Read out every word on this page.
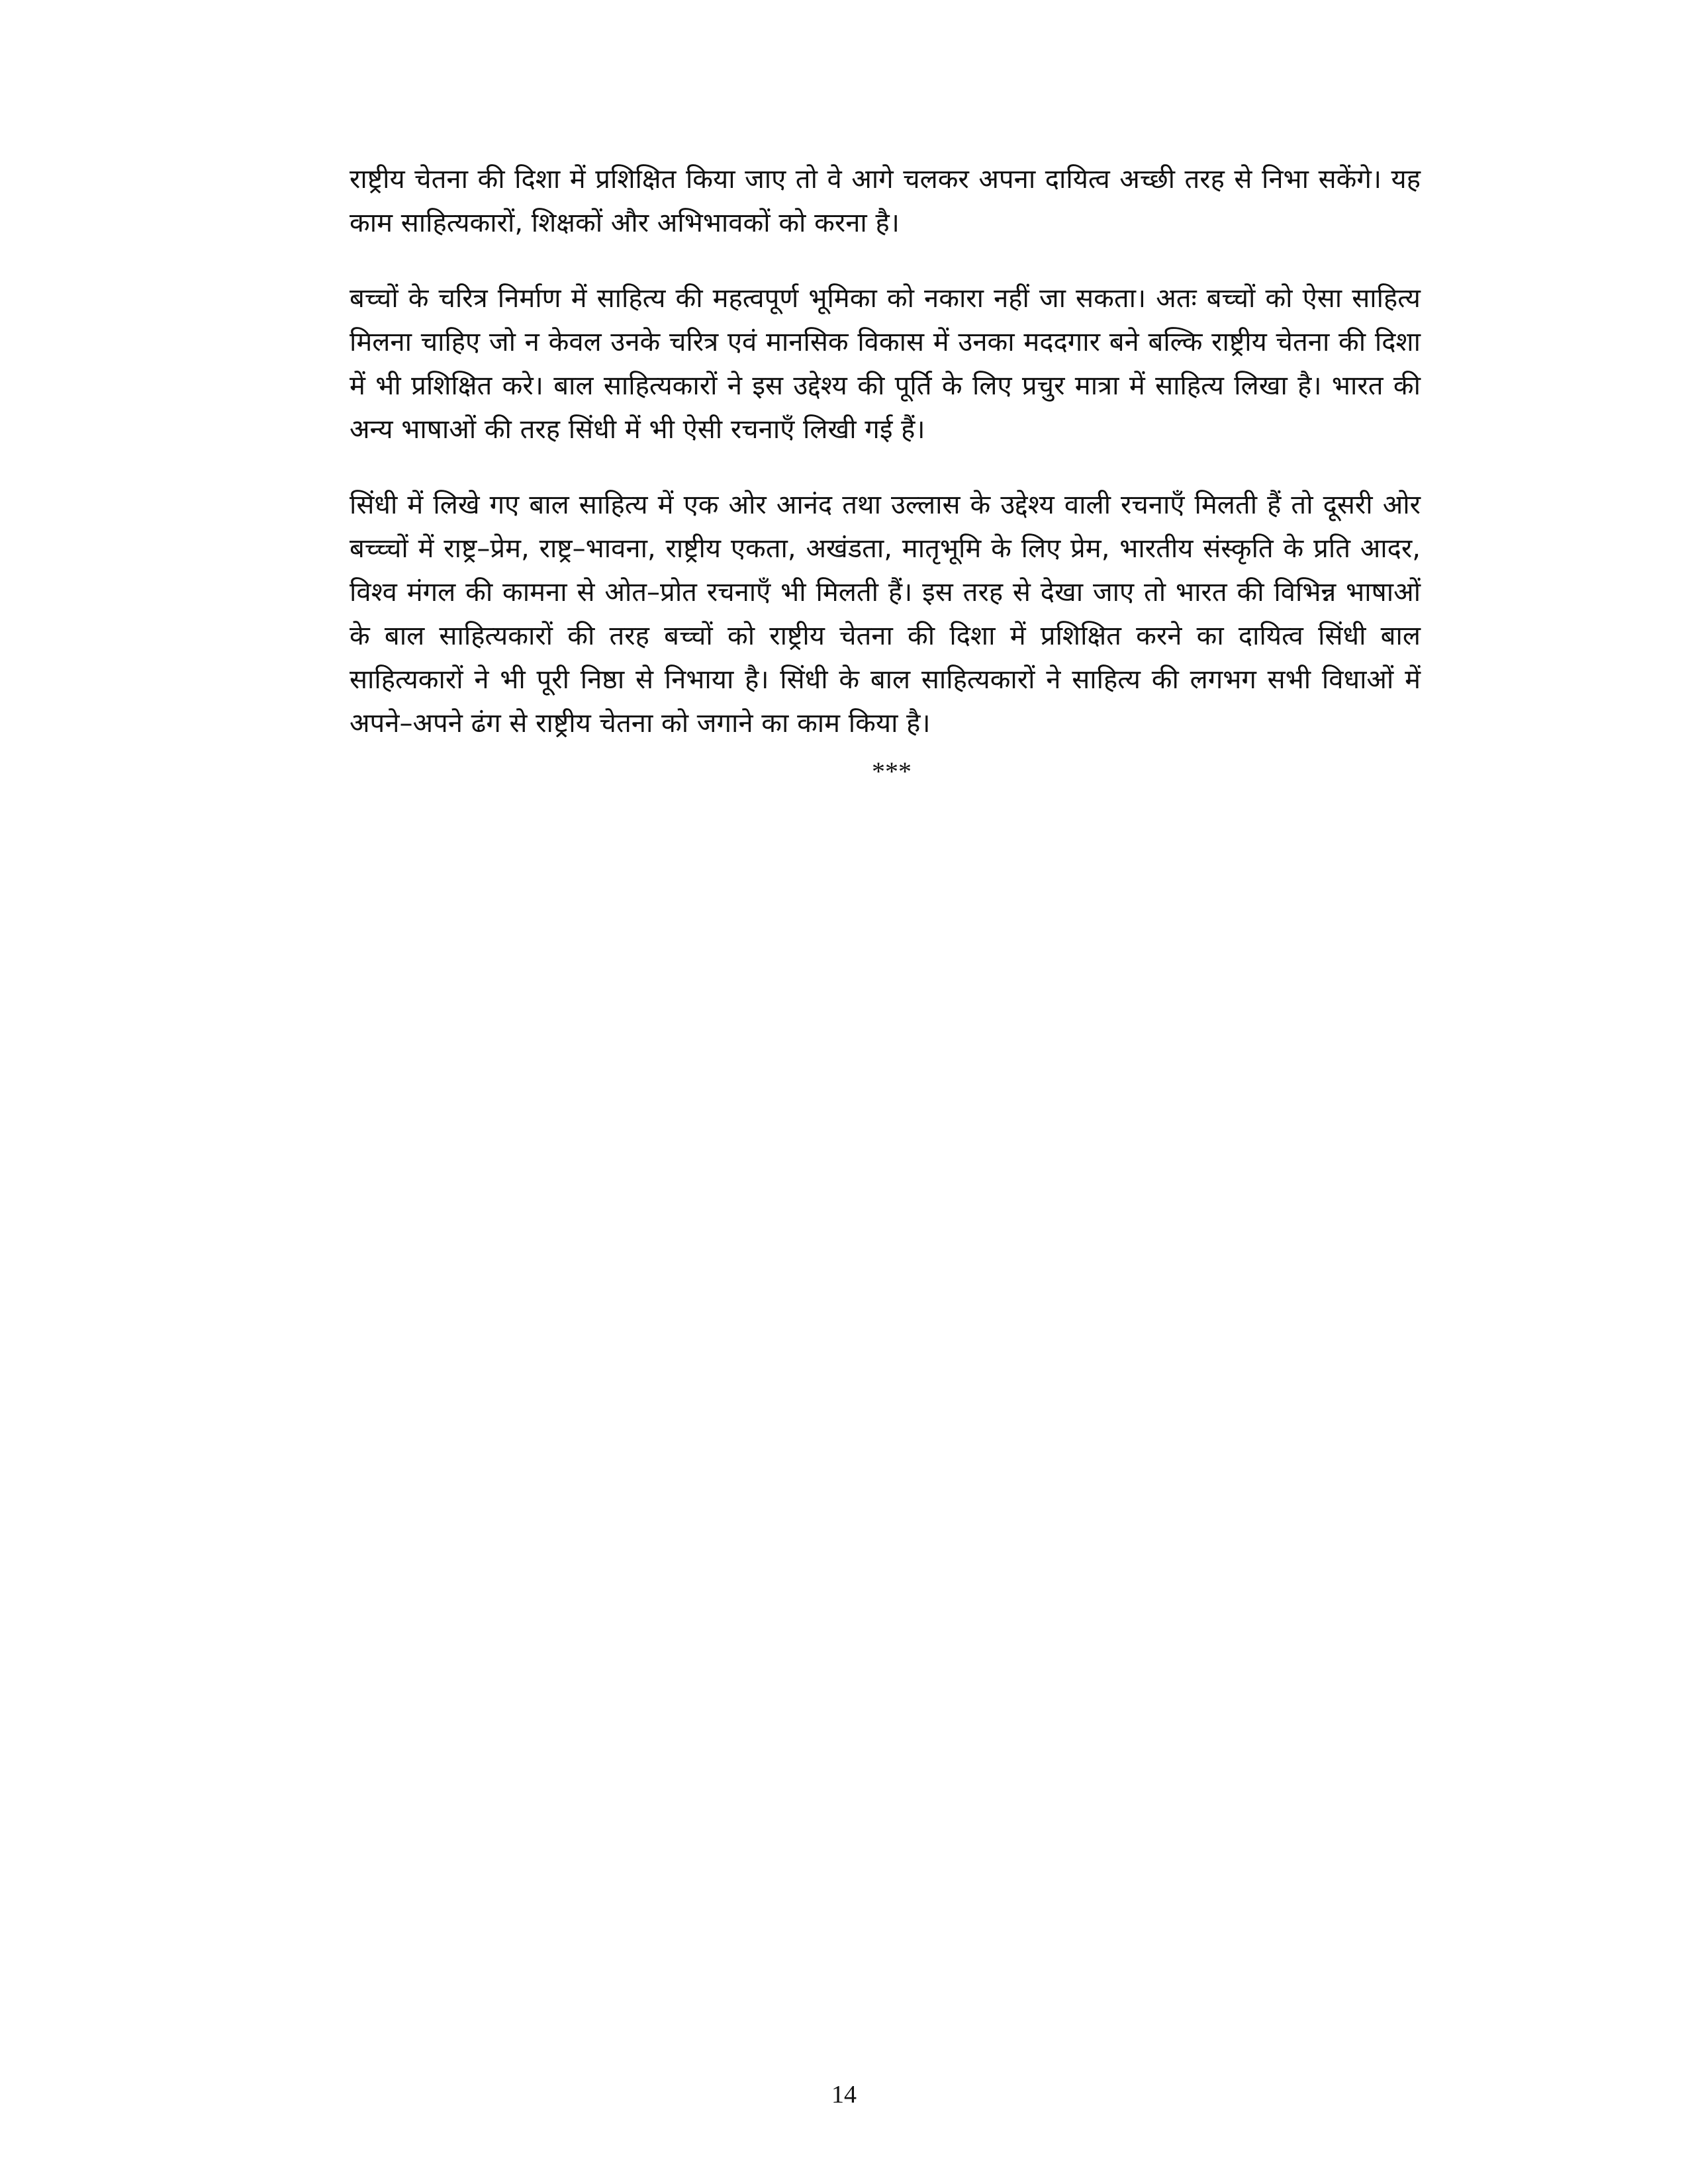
राष्ट्रीय चेतना की दिशा में प्रशिक्षित किया जाए तो वे आगे चलकर अपना दायित्व अच्छी तरह से निभा सकेंगे। यह काम साहित्यकारों, शिक्षकों और अभिभावकों को करना है।

बच्चों के चरित्र निर्माण में साहित्य की महत्वपूर्ण भूमिका को नकारा नहीं जा सकता। अतः बच्चों को ऐसा साहित्य मिलना चाहिए जो न केवल उनके चरित्र एवं मानसिक विकास में उनका मददगार बने बल्कि राष्ट्रीय चेतना की दिशा में भी प्रशिक्षित करे। बाल साहित्यकारों ने इस उद्देश्य की पूर्ति के लिए प्रचुर मात्रा में साहित्य लिखा है। भारत की अन्य भाषाओं की तरह सिंधी में भी ऐसी रचनाएँ लिखी गई हैं।

सिंधी में लिखे गए बाल साहित्य में एक ओर आनंद तथा उल्लास के उद्देश्य वाली रचनाएँ मिलती हैं तो दूसरी ओर बच्च्चों में राष्ट्र–प्रेम, राष्ट्र–भावना, राष्ट्रीय एकता, अखंडता, मातृभूमि के लिए प्रेम, भारतीय संस्कृति के प्रति आदर, विश्व मंगल की कामना से ओत–प्रोत रचनाएँ भी मिलती हैं। इस तरह से देखा जाए तो भारत की विभिन्न भाषाओं के बाल साहित्यकारों की तरह बच्चों को राष्ट्रीय चेतना की दिशा में प्रशिक्षित करने का दायित्व सिंधी बाल साहित्यकारों ने भी पूरी निष्ठा से निभाया है। सिंधी के बाल साहित्यकारों ने साहित्य की लगभग सभी विधाओं में अपने–अपने ढंग से राष्ट्रीय चेतना को जगाने का काम किया है।

***

14
